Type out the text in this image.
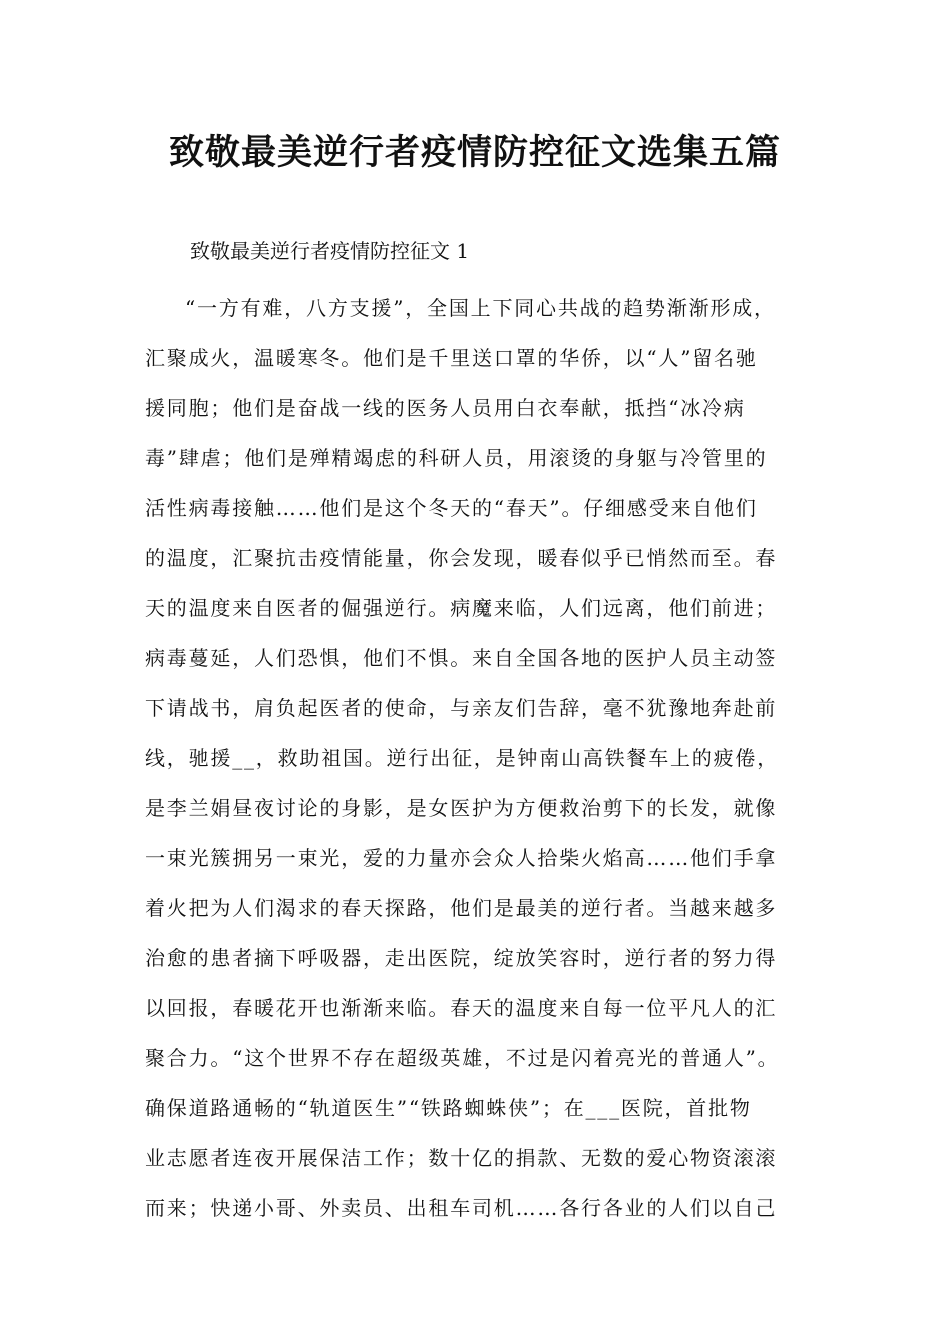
致敬最美逆行者疫情防控征文选集五篇
致敬最美逆行者疫情防控征文 1
“一方有难，八方支援”，全国上下同心共战的趋势渐渐形成，
汇聚成火，温暖寒冬。他们是千里送口罩的华侨，以“人”留名驰
援同胞；他们是奋战一线的医务人员用白衣奉献，抵挡“冰冷病
毒”肆虐；他们是殚精竭虑的科研人员，用滚烫的身躯与冷管里的
活性病毒接触……他们是这个冬天的“春天”。仔细感受来自他们
的温度，汇聚抗击疫情能量，你会发现，暖春似乎已悄然而至。春
天的温度来自医者的倔强逆行。病魔来临，人们远离，他们前进；
病毒蔓延，人们恐惧，他们不惧。来自全国各地的医护人员主动签
下请战书，肩负起医者的使命，与亲友们告辞，毫不犹豫地奔赴前
线，驰援__，救助祖国。逆行出征，是钟南山高铁餐车上的疲倦，
是李兰娟昼夜讨论的身影，是女医护为方便救治剪下的长发，就像
一束光簇拥另一束光，爱的力量亦会众人拾柴火焰高……他们手拿
着火把为人们渴求的春天探路，他们是最美的逆行者。当越来越多
治愈的患者摘下呼吸器，走出医院，绽放笑容时，逆行者的努力得
以回报，春暖花开也渐渐来临。春天的温度来自每一位平凡人的汇
聚合力。“这个世界不存在超级英雄，不过是闪着亮光的普通人”。
确保道路通畅的“轨道医生”“铁路蜘蛛侠”；在___医院，首批物
业志愿者连夜开展保洁工作；数十亿的捐款、无数的爱心物资滚滚
而来；快递小哥、外卖员、出租车司机……各行各业的人们以自己
